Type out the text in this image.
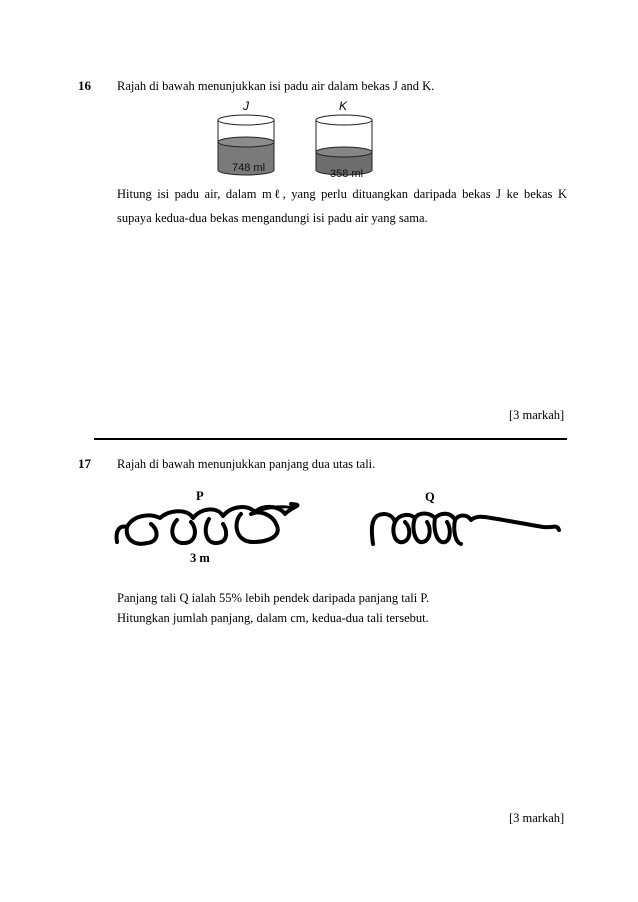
16 Rajah di bawah menunjukkan isi padu air dalam bekas J and K.
J	K
748 ml	358 ml
Hitung isi padu air, dalam mℓ, yang perlu dituangkan daripada bekas J ke bekas K
supaya kedua-dua bekas mengandungi isi padu air yang sama.
[3 markah]
17 Rajah di bawah menunjukkan panjang dua utas tali.
P	Q
3 m
Panjang tali Q ialah 55% lebih pendek daripada panjang tali P.
Hitungkan jumlah panjang, dalam cm, kedua-dua tali tersebut.
[3 markah]
